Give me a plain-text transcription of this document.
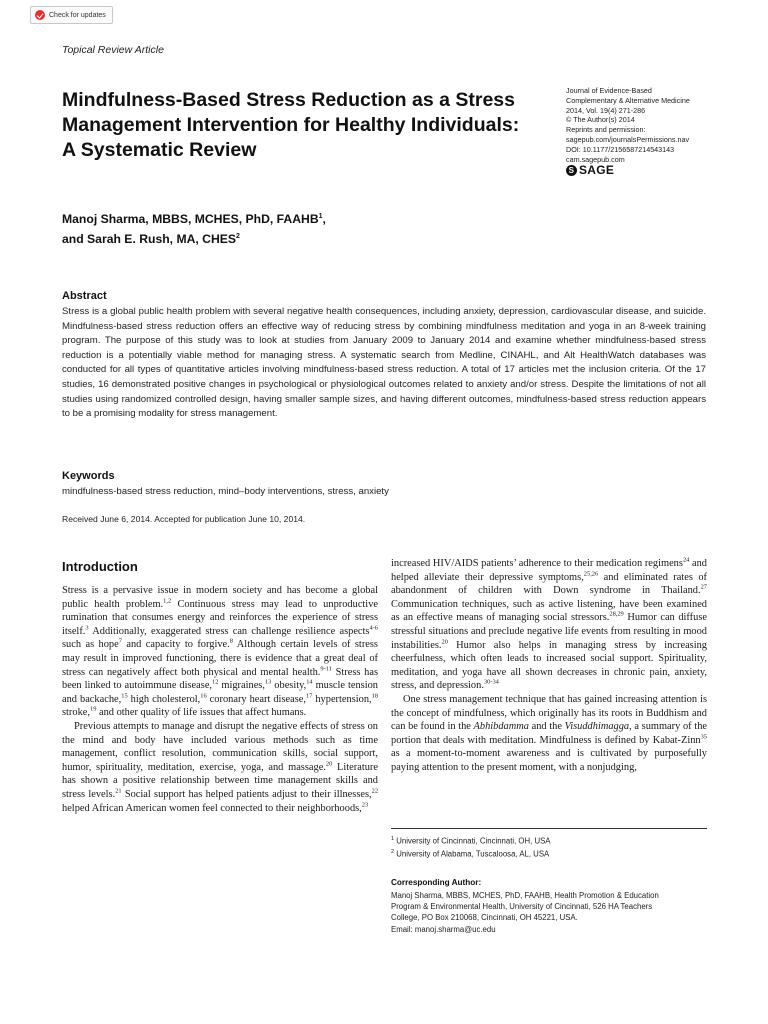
Check for updates
Topical Review Article
Mindfulness-Based Stress Reduction as a Stress Management Intervention for Healthy Individuals: A Systematic Review
Journal of Evidence-Based
Complementary & Alternative Medicine
2014, Vol. 19(4) 271-286
© The Author(s) 2014
Reprints and permission:
sagepub.com/journalsPermissions.nav
DOI: 10.1177/2156587214543143
cam.sagepub.com
S SAGE
Manoj Sharma, MBBS, MCHES, PhD, FAAHB$^1$,
and Sarah E. Rush, MA, CHES$^2$
Abstract

Stress is a global public health problem with several negative health consequences, including anxiety, depression, cardiovascular disease, and suicide. Mindfulness-based stress reduction offers an effective way of reducing stress by combining mindfulness meditation and yoga in an 8-week training program. The purpose of this study was to look at studies from January 2009 to January 2014 and examine whether mindfulness-based stress reduction is a potentially viable method for managing stress. A systematic search from Medline, CINAHL, and Alt HealthWatch databases was conducted for all types of quantitative articles involving mindfulness-based stress reduction. A total of 17 articles met the inclusion criteria. Of the 17 studies, 16 demonstrated positive changes in psychological or physiological outcomes related to anxiety and/or stress. Despite the limitations of not all studies using randomized controlled design, having smaller sample sizes, and having different outcomes, mindfulness-based stress reduction appears to be a promising modality for stress management.

Keywords
mindfulness-based stress reduction, mind–body interventions, stress, anxiety
Received June 6, 2014. Accepted for publication June 10, 2014.
Introduction

Stress is a pervasive issue in modern society and has become a global public health problem.$^{1,2}$ Continuous stress may lead to unproductive rumination that consumes energy and reinforces the experience of stress itself.$^3$ Additionally, exaggerated stress can challenge resilience aspects$^{4-6}$ such as hope$^7$ and capacity to forgive.$^8$ Although certain levels of stress may result in improved functioning, there is evidence that a great deal of stress can negatively affect both physical and mental health.$^{9-11}$ Stress has been linked to autoimmune disease,$^{12}$ migraines,$^{13}$ obesity,$^{14}$ muscle tension and backache,$^{15}$ high cholesterol,$^{16}$ coronary heart disease,$^{17}$ hypertension,$^{18}$ stroke,$^{19}$ and other quality of life issues that affect humans.

Previous attempts to manage and disrupt the negative effects of stress on the mind and body have included various methods such as time management, conflict resolution, communication skills, social support, humor, spirituality, meditation, exercise, yoga, and massage.$^{20}$ Literature has shown a positive relationship between time management skills and stress levels.$^{21}$ Social support has helped patients adjust to their illnesses,$^{22}$ helped African American women feel connected to their neighborhoods,$^{23}$

increased HIV/AIDS patients’ adherence to their medication regimens$^{24}$ and helped alleviate their depressive symptoms,$^{25,26}$ and eliminated rates of abandonment of children with Down syndrome in Thailand.$^{27}$ Communication techniques, such as active listening, have been examined as an effective means of managing social stressors.$^{28,29}$ Humor can diffuse stressful situations and preclude negative life events from resulting in mood instabilities.$^{20}$ Humor also helps in managing stress by increasing cheerfulness, which often leads to increased social support. Spirituality, meditation, and yoga have all shown decreases in chronic pain, anxiety, stress, and depression.$^{30-34}$

One stress management technique that has gained increasing attention is the concept of mindfulness, which originally has its roots in Buddhism and can be found in the Abhibdamma and the Visuddhimagga, a summary of the portion that deals with meditation. Mindfulness is defined by Kabat-Zinn$^{35}$ as a moment-to-moment awareness and is cultivated by purposefully paying attention to the present moment, with a nonjudging,

$^1$ University of Cincinnati, Cincinnati, OH, USA
$^2$ University of Alabama, Tuscaloosa, AL, USA
Corresponding Author:
Manoj Sharma, MBBS, MCHES, PhD, FAAHB, Health Promotion & Education
Program & Environmental Health, University of Cincinnati, 526 HA Teachers
College, PO Box 210068, Cincinnati, OH 45221, USA.
Email: manoj.sharma@uc.edu
